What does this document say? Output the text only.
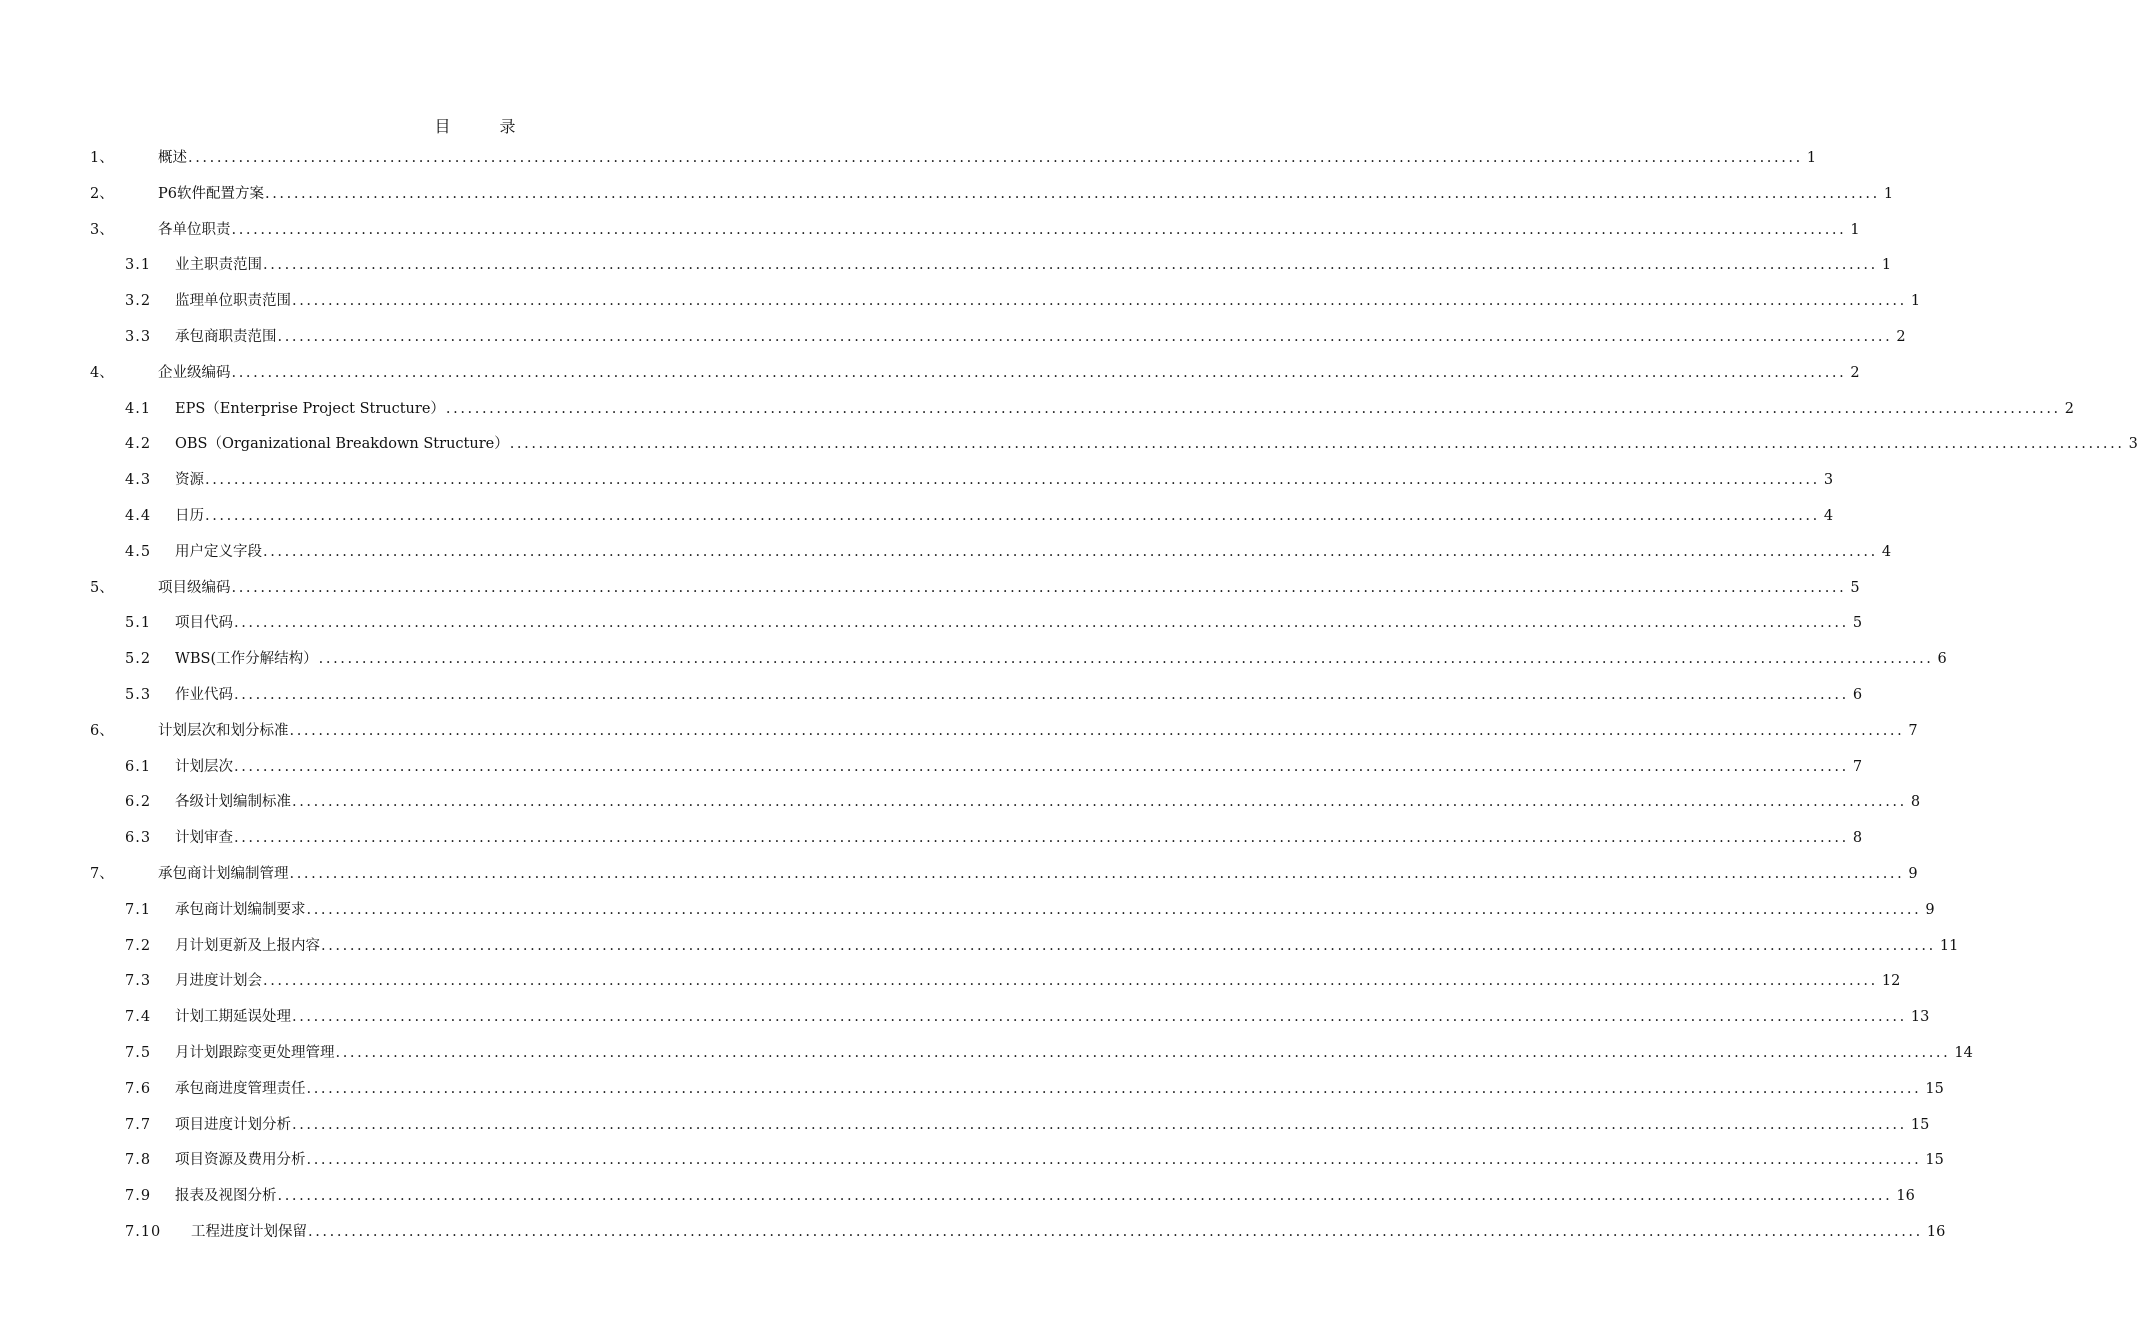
目 录
1、	概述 ................................................................................................................................................................................................................................ 1
2、	P6软件配置方案 ................................................................................................................................................................................................................................ 1
3、	各单位职责 ................................................................................................................................................................................................................................ 1
3.1 业主职责范围 ................................................................................................................................................................................................................................ 1
3.2 监理单位职责范围 ................................................................................................................................................................................................................................ 1
3.3 承包商职责范围 ................................................................................................................................................................................................................................ 2
4、	企业级编码 ................................................................................................................................................................................................................................ 2
4.1 EPS（Enterprise Project Structure） ................................................................................................................................................................................................................................ 2
4.2 OBS（Organizational Breakdown Structure） ................................................................................................................................................................................................................................ 3
4.3 资源 ................................................................................................................................................................................................................................ 3
4.4 日历 ................................................................................................................................................................................................................................ 4
4.5 用户定义字段 ................................................................................................................................................................................................................................ 4
5、	项目级编码 ................................................................................................................................................................................................................................ 5
5.1 项目代码 ................................................................................................................................................................................................................................ 5
5.2 WBS(工作分解结构） ................................................................................................................................................................................................................................ 6
5.3 作业代码 ................................................................................................................................................................................................................................ 6
6、	计划层次和划分标准 ................................................................................................................................................................................................................................ 7
6.1 计划层次 ................................................................................................................................................................................................................................ 7
6.2 各级计划编制标准 ................................................................................................................................................................................................................................ 8
6.3 计划审查 ................................................................................................................................................................................................................................ 8
7、	承包商计划编制管理 ................................................................................................................................................................................................................................ 9
7.1 承包商计划编制要求 ................................................................................................................................................................................................................................ 9
7.2 月计划更新及上报内容 ................................................................................................................................................................................................................................ 11
7.3 月进度计划会 ................................................................................................................................................................................................................................ 12
7.4 计划工期延误处理 ................................................................................................................................................................................................................................ 13
7.5 月计划跟踪变更处理管理 ................................................................................................................................................................................................................................ 14
7.6 承包商进度管理责任 ................................................................................................................................................................................................................................ 15
7.7 项目进度计划分析 ................................................................................................................................................................................................................................ 15
7.8 项目资源及费用分析 ................................................................................................................................................................................................................................ 15
7.9 报表及视图分析 ................................................................................................................................................................................................................................ 16
7.10 工程进度计划保留 ................................................................................................................................................................................................................................ 16
